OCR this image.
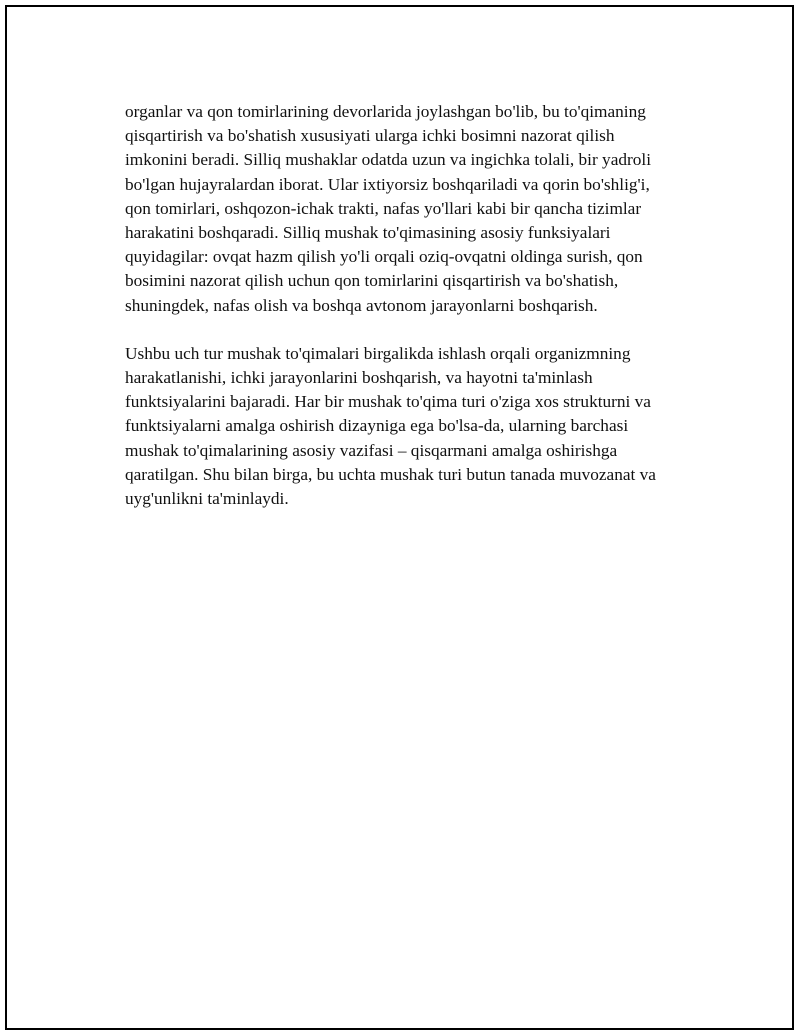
organlar va qon tomirlarining devorlarida joylashgan bo'lib, bu to'qimaning
qisqartirish va bo'shatish xususiyati ularga ichki bosimni nazorat qilish
imkonini beradi. Silliq mushaklar odatda uzun va ingichka tolali, bir yadroli
bo'lgan hujayralardan iborat. Ular ixtiyorsiz boshqariladi va qorin bo'shlig'i,
qon tomirlari, oshqozon-ichak trakti, nafas yo'llari kabi bir qancha tizimlar
harakatini boshqaradi. Silliq mushak to'qimasining asosiy funksiyalari
quyidagilar: ovqat hazm qilish yo'li orqali oziq-ovqatni oldinga surish, qon
bosimini nazorat qilish uchun qon tomirlarini qisqartirish va bo'shatish,
shuningdek, nafas olish va boshqa avtonom jarayonlarni boshqarish.

Ushbu uch tur mushak to'qimalari birgalikda ishlash orqali organizmning
harakatlanishi, ichki jarayonlarini boshqarish, va hayotni ta'minlash
funktsiyalarini bajaradi. Har bir mushak to'qima turi o'ziga xos strukturni va
funktsiyalarni amalga oshirish dizayniga ega bo'lsa-da, ularning barchasi
mushak to'qimalarining asosiy vazifasi – qisqarmani amalga oshirishga
qaratilgan. Shu bilan birga, bu uchta mushak turi butun tanada muvozanat va
uyg'unlikni ta'minlaydi.
